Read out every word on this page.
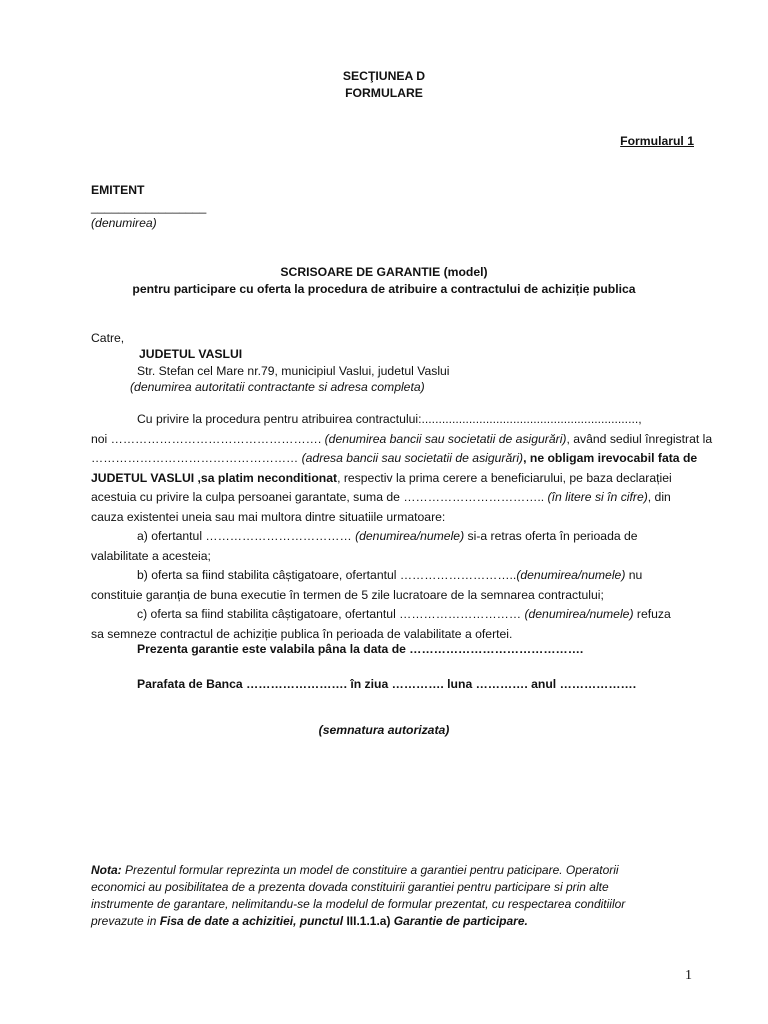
SECŢIUNEA D
FORMULARE
Formularul 1
EMITENT
_________________
(denumirea)
SCRISOARE DE GARANTIE (model)
pentru participare cu oferta la procedura de atribuire a contractului de achiziție publica
Catre,
JUDETUL VASLUI
Str. Stefan cel Mare nr.79, municipiul Vaslui, judetul Vaslui
(denumirea autoritatii contractante si adresa completa)
Cu privire la procedura pentru atribuirea contractului:................................................................,
noi ……………………………………………. (denumirea bancii sau societatii de asigurări), având sediul înregistrat la
…………………………………………… (adresa bancii sau societatii de asigurări), ne obligam irevocabil fata de
JUDETUL VASLUI ,sa platim neconditionat, respectiv la prima cerere a beneficiarului, pe baza declarației
acestuia cu privire la culpa persoanei garantate, suma de …………………………….. (în litere si în cifre), din
cauza existentei uneia sau mai multora dintre situatiile urmatoare:
a) ofertantul ……………………………… (denumirea/numele) si-a retras oferta în perioada de
valabilitate a acesteia;
b) oferta sa fiind stabilita câștigatoare, ofertantul ………………………..(denumirea/numele) nu
constituie garanția de buna executie în termen de 5 zile lucratoare de la semnarea contractului;
c) oferta sa fiind stabilita câștigatoare, ofertantul ………………………… (denumirea/numele) refuza
sa semneze contractul de achiziție publica în perioada de valabilitate a ofertei.
Prezenta garantie este valabila pâna la data de …………………………………….
Parafata de Banca ……………………. în ziua …………. luna …………. anul ……………….
(semnatura autorizata)
Nota: Prezentul formular reprezinta un model de constituire a garantiei pentru paticipare. Operatorii
economici au posibilitatea de a prezenta dovada constituirii garantiei pentru participare si prin alte
instrumente de garantare, nelimitandu-se la modelul de formular prezentat, cu respectarea conditiilor
prevazute in Fisa de date a achizitiei, punctul III.1.1.a) Garantie de participare.
1
